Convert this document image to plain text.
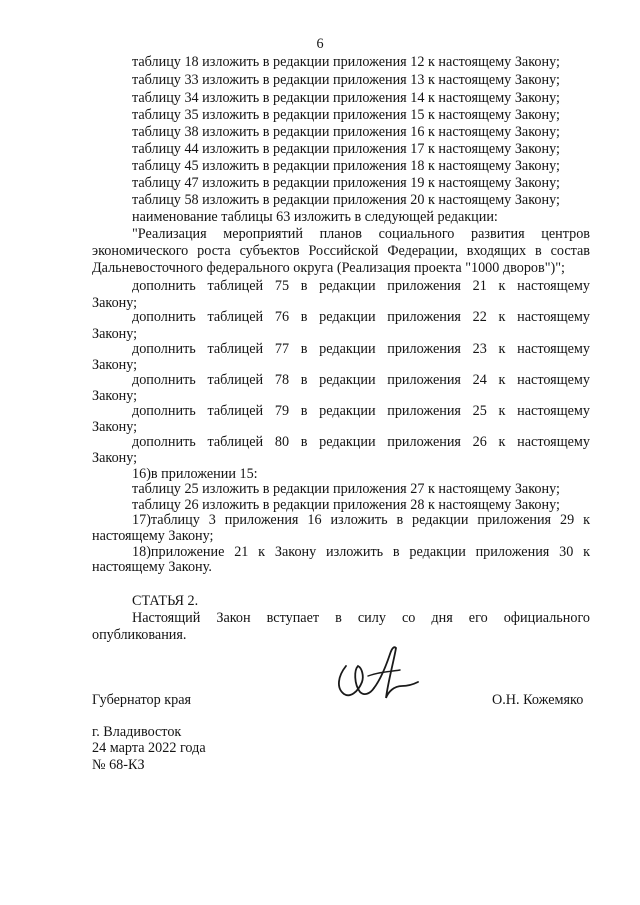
6
таблицу 18 изложить в редакции приложения 12 к настоящему Закону;
таблицу 33 изложить в редакции приложения 13 к настоящему Закону;
таблицу 34 изложить в редакции приложения 14 к настоящему Закону;
таблицу 35 изложить в редакции приложения 15 к настоящему Закону;
таблицу 38 изложить в редакции приложения 16 к настоящему Закону;
таблицу 44 изложить в редакции приложения 17 к настоящему Закону;
таблицу 45 изложить в редакции приложения 18 к настоящему Закону;
таблицу 47 изложить в редакции приложения 19 к настоящему Закону;
таблицу 58 изложить в редакции приложения 20 к настоящему Закону;
наименование таблицы 63 изложить в следующей редакции:
"Реализация мероприятий планов социального развития центров
экономического роста субъектов Российской Федерации, входящих в состав
Дальневосточного федерального округа (Реализация проекта "1000 дворов")";
дополнить таблицей 75 в редакции приложения 21 к настоящему
Закону;
дополнить таблицей 76 в редакции приложения 22 к настоящему
Закону;
дополнить таблицей 77 в редакции приложения 23 к настоящему
Закону;
дополнить таблицей 78 в редакции приложения 24 к настоящему
Закону;
дополнить таблицей 79 в редакции приложения 25 к настоящему
Закону;
дополнить таблицей 80 в редакции приложения 26 к настоящему
Закону;
16)в приложении 15:
таблицу 25 изложить в редакции приложения 27 к настоящему Закону;
таблицу 26 изложить в редакции приложения 28 к настоящему Закону;
17)таблицу 3 приложения 16 изложить в редакции приложения 29 к
настоящему Закону;
18)приложение 21 к Закону изложить в редакции приложения 30 к
настоящему Закону.
СТАТЬЯ 2.
Настоящий Закон вступает в силу со дня его официального
опубликования.
Губернатор края	О.Н. Кожемяко
г. Владивосток
24 марта 2022 года
№ 68-КЗ
